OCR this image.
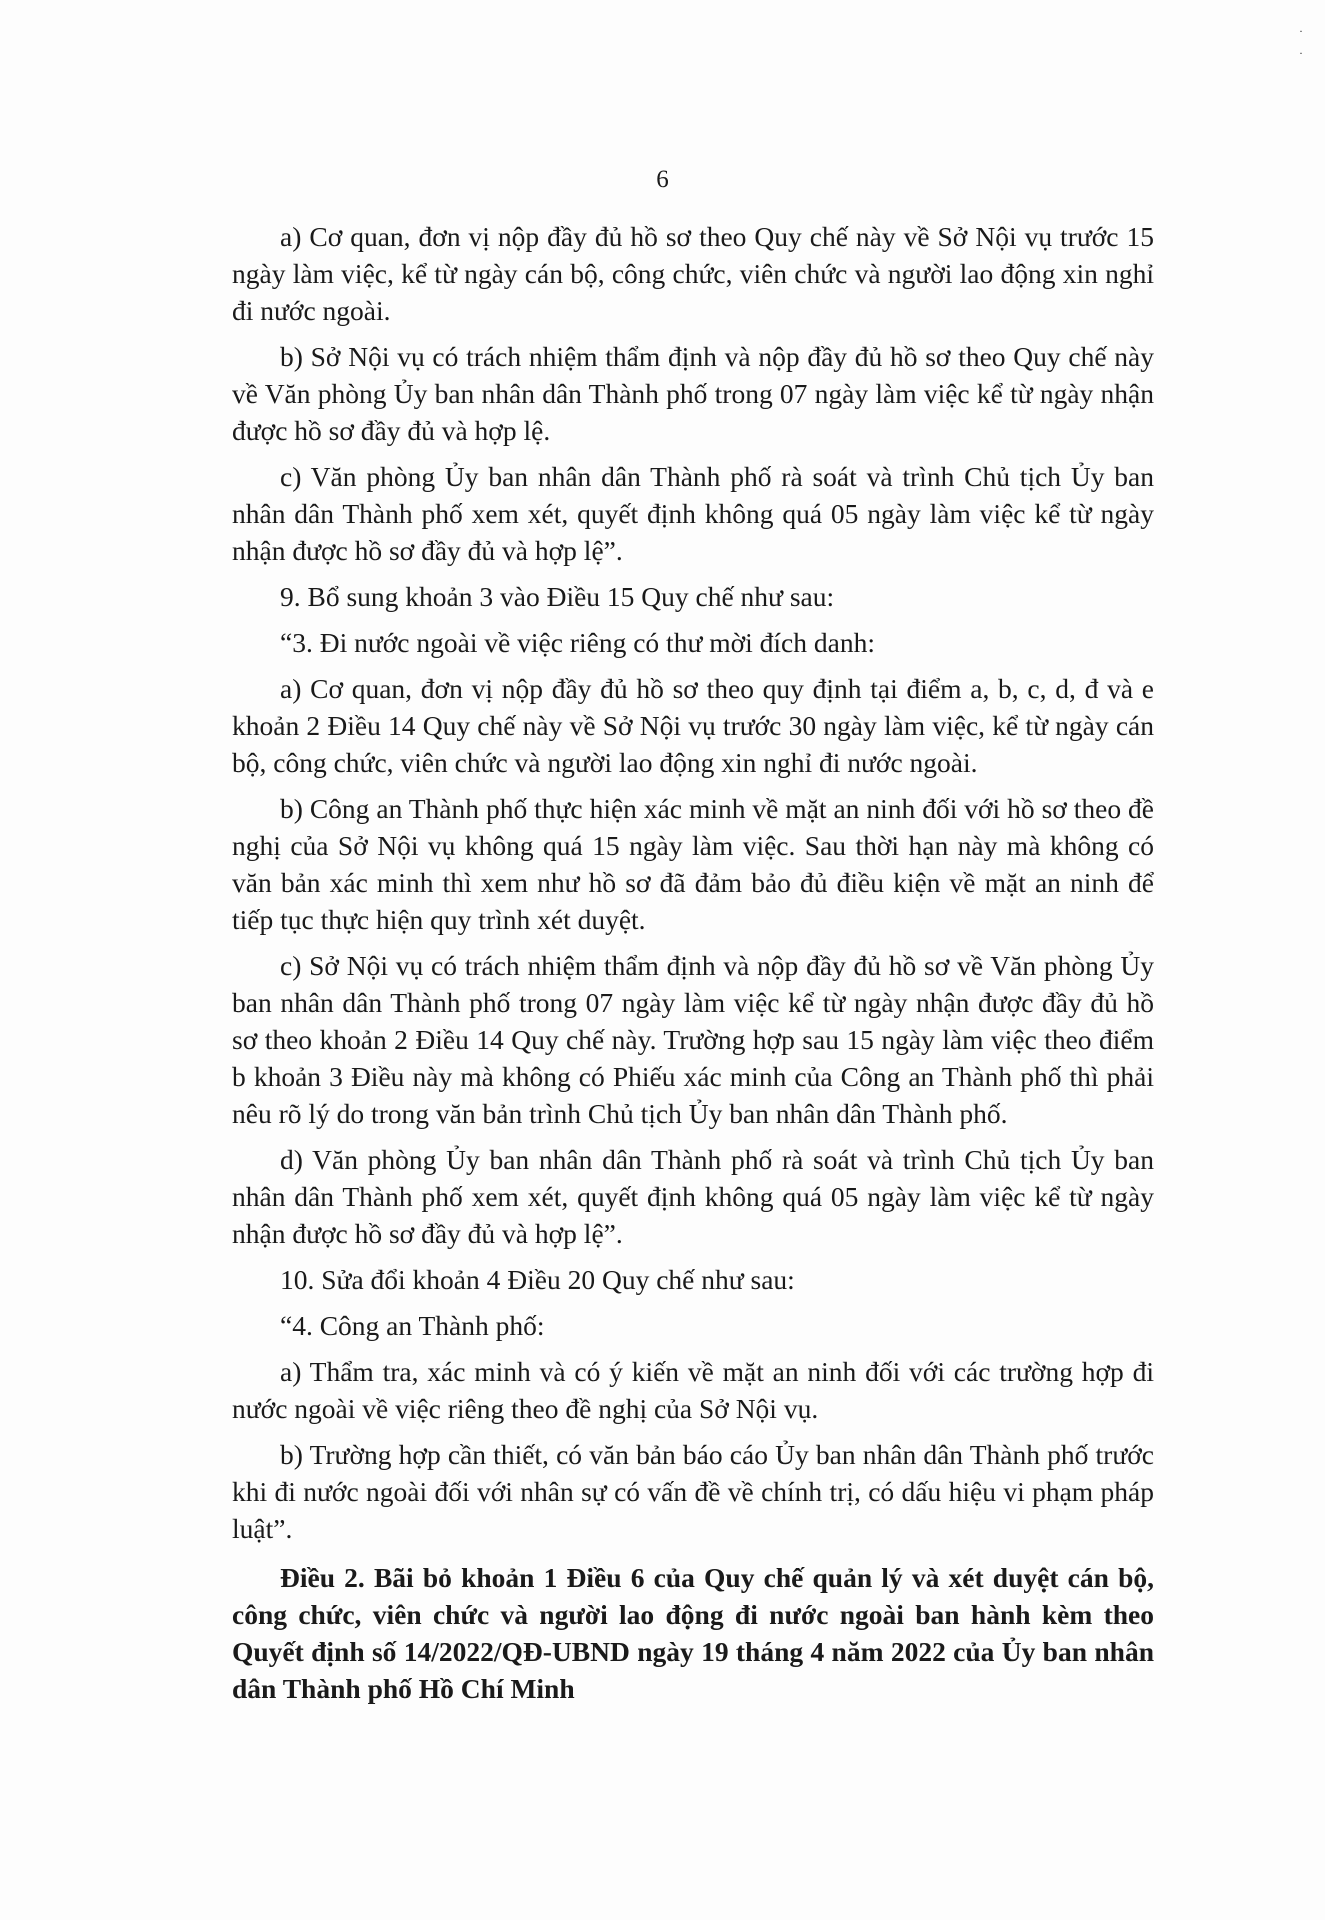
·
·
6

a) Cơ quan, đơn vị nộp đầy đủ hồ sơ theo Quy chế này về Sở Nội vụ trước 15 ngày làm việc, kể từ ngày cán bộ, công chức, viên chức và người lao động xin nghỉ đi nước ngoài.

b) Sở Nội vụ có trách nhiệm thẩm định và nộp đầy đủ hồ sơ theo Quy chế này về Văn phòng Ủy ban nhân dân Thành phố trong 07 ngày làm việc kể từ ngày nhận được hồ sơ đầy đủ và hợp lệ.

c) Văn phòng Ủy ban nhân dân Thành phố rà soát và trình Chủ tịch Ủy ban nhân dân Thành phố xem xét, quyết định không quá 05 ngày làm việc kể từ ngày nhận được hồ sơ đầy đủ và hợp lệ”.

9. Bổ sung khoản 3 vào Điều 15 Quy chế như sau:

“3. Đi nước ngoài về việc riêng có thư mời đích danh:

a) Cơ quan, đơn vị nộp đầy đủ hồ sơ theo quy định tại điểm a, b, c, d, đ và e khoản 2 Điều 14 Quy chế này về Sở Nội vụ trước 30 ngày làm việc, kể từ ngày cán bộ, công chức, viên chức và người lao động xin nghỉ đi nước ngoài.

b) Công an Thành phố thực hiện xác minh về mặt an ninh đối với hồ sơ theo đề nghị của Sở Nội vụ không quá 15 ngày làm việc. Sau thời hạn này mà không có văn bản xác minh thì xem như hồ sơ đã đảm bảo đủ điều kiện về mặt an ninh để tiếp tục thực hiện quy trình xét duyệt.

c) Sở Nội vụ có trách nhiệm thẩm định và nộp đầy đủ hồ sơ về Văn phòng Ủy ban nhân dân Thành phố trong 07 ngày làm việc kể từ ngày nhận được đầy đủ hồ sơ theo khoản 2 Điều 14 Quy chế này. Trường hợp sau 15 ngày làm việc theo điểm b khoản 3 Điều này mà không có Phiếu xác minh của Công an Thành phố thì phải nêu rõ lý do trong văn bản trình Chủ tịch Ủy ban nhân dân Thành phố.

d) Văn phòng Ủy ban nhân dân Thành phố rà soát và trình Chủ tịch Ủy ban nhân dân Thành phố xem xét, quyết định không quá 05 ngày làm việc kể từ ngày nhận được hồ sơ đầy đủ và hợp lệ”.

10. Sửa đổi khoản 4 Điều 20 Quy chế như sau:

“4. Công an Thành phố:

a) Thẩm tra, xác minh và có ý kiến về mặt an ninh đối với các trường hợp đi nước ngoài về việc riêng theo đề nghị của Sở Nội vụ.

b) Trường hợp cần thiết, có văn bản báo cáo Ủy ban nhân dân Thành phố trước khi đi nước ngoài đối với nhân sự có vấn đề về chính trị, có dấu hiệu vi phạm pháp luật”.

Điều 2. Bãi bỏ khoản 1 Điều 6 của Quy chế quản lý và xét duyệt cán bộ, công chức, viên chức và người lao động đi nước ngoài ban hành kèm theo Quyết định số 14/2022/QĐ-UBND ngày 19 tháng 4 năm 2022 của Ủy ban nhân dân Thành phố Hồ Chí Minh
